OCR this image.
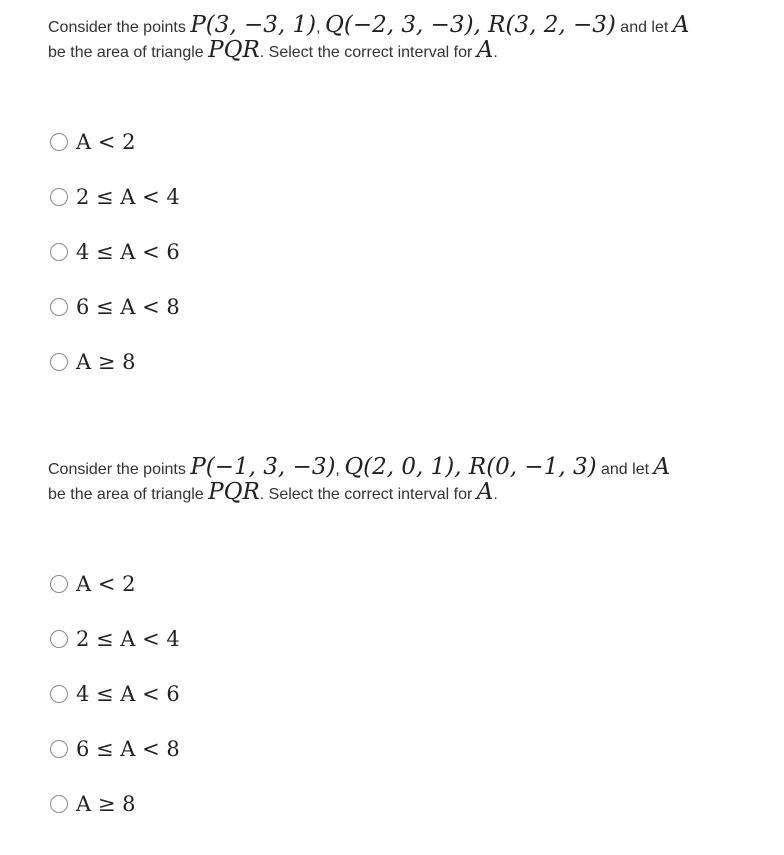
Consider the points P(3, −3, 1), Q(−2, 3, −3), R(3, 2, −3) and let A
be the area of triangle PQR. Select the correct interval for A.

A < 2
2 ≤ A < 4
4 ≤ A < 6
6 ≤ A < 8
A ≥ 8

Consider the points P(−1, 3, −3), Q(2, 0, 1), R(0, −1, 3) and let A
be the area of triangle PQR. Select the correct interval for A.

A < 2
2 ≤ A < 4
4 ≤ A < 6
6 ≤ A < 8
A ≥ 8
